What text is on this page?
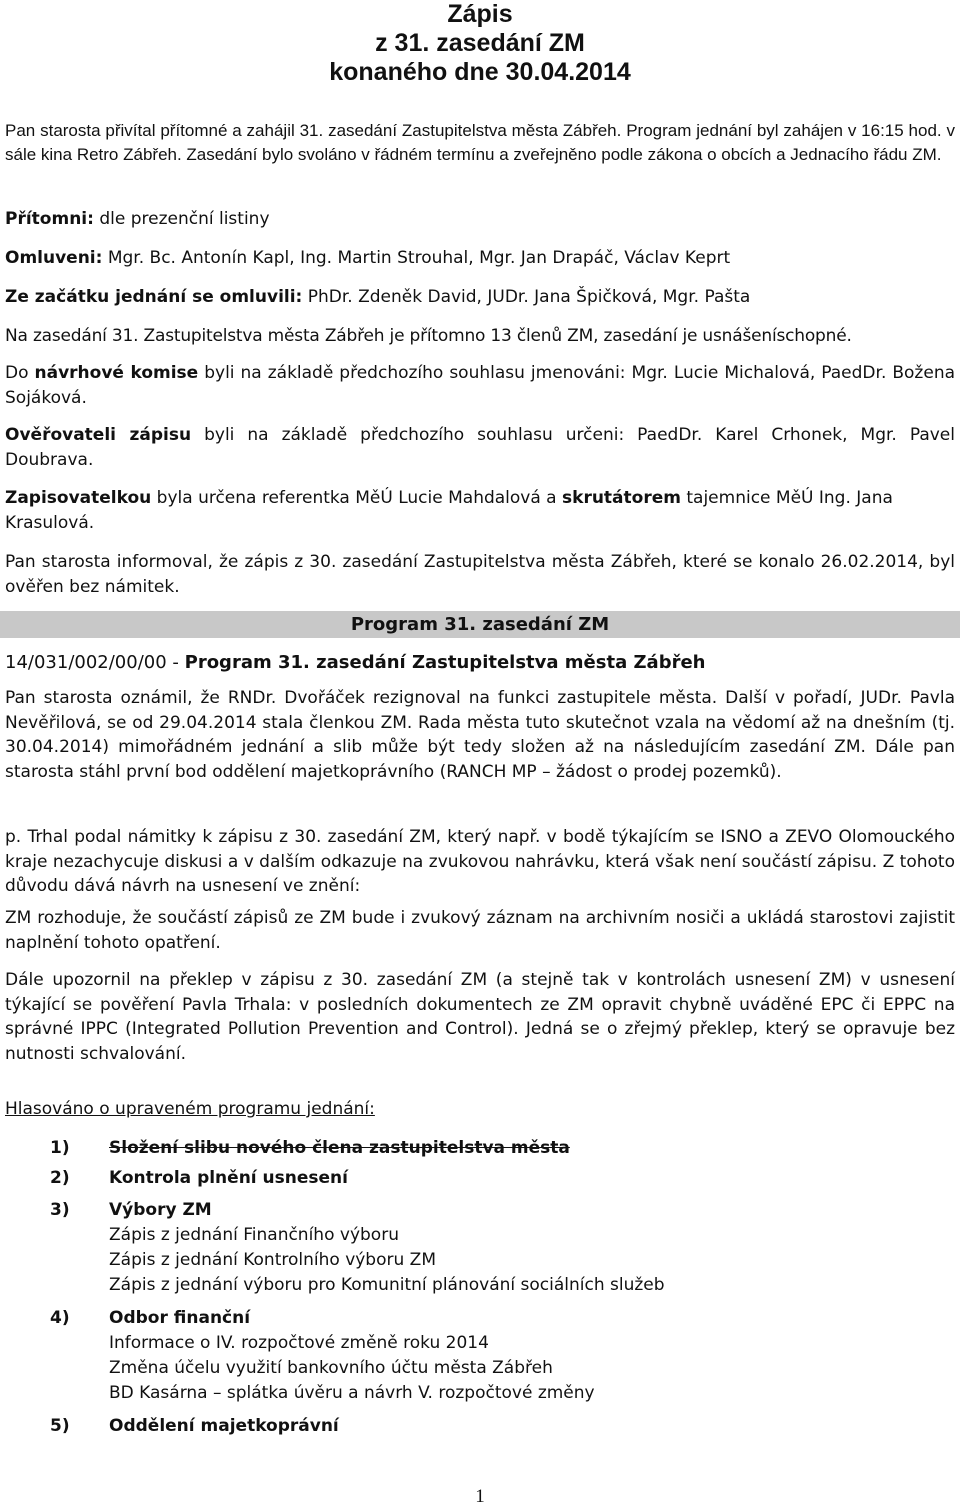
Zápis
z 31. zasedání ZM
konaného dne 30.04.2014

Pan starosta přivítal přítomné a zahájil 31. zasedání Zastupitelstva města Zábřeh. Program jednání byl zahájen v 16:15 hod. v sále kina Retro Zábřeh. Zasedání bylo svoláno v řádném termínu a zveřejněno podle zákona o obcích a Jednacího řádu ZM.

Přítomni: dle prezenční listiny

Omluveni: Mgr. Bc. Antonín Kapl, Ing. Martin Strouhal, Mgr. Jan Drapáč, Václav Keprt

Ze začátku jednání se omluvili: PhDr. Zdeněk David, JUDr. Jana Špičková, Mgr. Pašta

Na zasedání 31. Zastupitelstva města Zábřeh je přítomno 13 členů ZM, zasedání je usnášeníschopné.

Do návrhové komise byli na základě předchozího souhlasu jmenováni: Mgr. Lucie Michalová, PaedDr. Božena Sojáková.

Ověřovateli zápisu byli na základě předchozího souhlasu určeni: PaedDr. Karel Crhonek, Mgr. Pavel Doubrava.

Zapisovatelkou byla určena referentka MěÚ Lucie Mahdalová a skrutátorem tajemnice MěÚ Ing. Jana Krasulová.

Pan starosta informoval, že zápis z 30. zasedání Zastupitelstva města Zábřeh, které se konalo 26.02.2014, byl ověřen bez námitek.

Program 31. zasedání ZM

14/031/002/00/00 - Program 31. zasedání Zastupitelstva města Zábřeh

Pan starosta oznámil, že RNDr. Dvořáček rezignoval na funkci zastupitele města. Další v pořadí, JUDr. Pavla Nevěřilová, se od 29.04.2014 stala členkou ZM. Rada města tuto skutečnot vzala na vědomí až na dnešním (tj. 30.04.2014) mimořádném jednání a slib může být tedy složen až na následujícím zasedání ZM. Dále pan starosta stáhl první bod oddělení majetkoprávního (RANCH MP – žádost o prodej pozemků).

p. Trhal podal námitky k zápisu z 30. zasedání ZM, který např. v bodě týkajícím se ISNO a ZEVO Olomouckého kraje nezachycuje diskusi a v dalším odkazuje na zvukovou nahrávku, která však není součástí zápisu. Z tohoto důvodu dává návrh na usnesení ve znění:

ZM rozhoduje, že součástí zápisů ze ZM bude i zvukový záznam na archivním nosiči a ukládá starostovi zajistit naplnění tohoto opatření.

Dále upozornil na překlep v zápisu z 30. zasedání ZM (a stejně tak v kontrolách usnesení ZM) v usnesení týkající se pověření Pavla Trhala: v posledních dokumentech ze ZM opravit chybně uváděné EPC či EPPC na správné IPPC (Integrated Pollution Prevention and Control). Jedná se o zřejmý překlep, který se opravuje bez nutnosti schvalování.

Hlasováno o upraveném programu jednání:

1) Složení slibu nového člena zastupitelstva města
2) Kontrola plnění usnesení
3) Výbory ZM
Zápis z jednání Finančního výboru
Zápis z jednání Kontrolního výboru ZM
Zápis z jednání výboru pro Komunitní plánování sociálních služeb
4) Odbor finanční
Informace o IV. rozpočtové změně roku 2014
Změna účelu využití bankovního účtu města Zábřeh
BD Kasárna – splátka úvěru a návrh V. rozpočtové změny
5) Oddělení majetkoprávní
1
